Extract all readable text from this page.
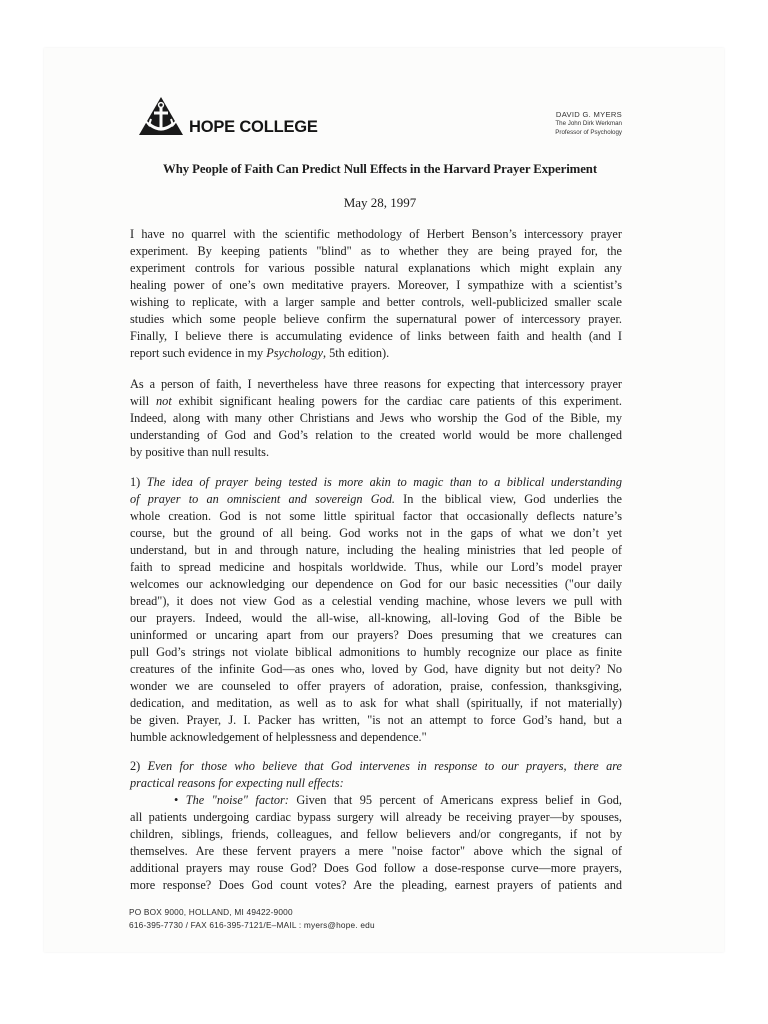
HOPE COLLEGE
DAVID G. MYERS
The John Dirk Werkman
Professor of Psychology
Why People of Faith Can Predict Null Effects in the Harvard Prayer Experiment
May 28, 1997
I have no quarrel with the scientific methodology of Herbert Benson’s intercessory prayer
experiment. By keeping patients "blind" as to whether they are being prayed for, the
experiment controls for various possible natural explanations which might explain any
healing power of one’s own meditative prayers. Moreover, I sympathize with a scientist’s
wishing to replicate, with a larger sample and better controls, well-publicized smaller scale
studies which some people believe confirm the supernatural power of intercessory prayer.
Finally, I believe there is accumulating evidence of links between faith and health (and I
report such evidence in my Psychology, 5th edition).
As a person of faith, I nevertheless have three reasons for expecting that intercessory prayer
will not exhibit significant healing powers for the cardiac care patients of this experiment.
Indeed, along with many other Christians and Jews who worship the God of the Bible, my
understanding of God and God’s relation to the created world would be more challenged
by positive than null results.
1) The idea of prayer being tested is more akin to magic than to a biblical understanding
of prayer to an omniscient and sovereign God. In the biblical view, God underlies the
whole creation. God is not some little spiritual factor that occasionally deflects nature’s
course, but the ground of all being. God works not in the gaps of what we don’t yet
understand, but in and through nature, including the healing ministries that led people of
faith to spread medicine and hospitals worldwide. Thus, while our Lord’s model prayer
welcomes our acknowledging our dependence on God for our basic necessities ("our daily
bread"), it does not view God as a celestial vending machine, whose levers we pull with
our prayers. Indeed, would the all-wise, all-knowing, all-loving God of the Bible be
uninformed or uncaring apart from our prayers? Does presuming that we creatures can
pull God’s strings not violate biblical admonitions to humbly recognize our place as finite
creatures of the infinite God—as ones who, loved by God, have dignity but not deity? No
wonder we are counseled to offer prayers of adoration, praise, confession, thanksgiving,
dedication, and meditation, as well as to ask for what shall (spiritually, if not materially)
be given. Prayer, J. I. Packer has written, "is not an attempt to force God’s hand, but a
humble acknowledgement of helplessness and dependence."
2) Even for those who believe that God intervenes in response to our prayers, there are
practical reasons for expecting null effects:
• The "noise" factor: Given that 95 percent of Americans express belief in God,
all patients undergoing cardiac bypass surgery will already be receiving prayer—by spouses,
children, siblings, friends, colleagues, and fellow believers and/or congregants, if not by
themselves. Are these fervent prayers a mere "noise factor" above which the signal of
additional prayers may rouse God? Does God follow a dose-response curve—more prayers,
more response? Does God count votes? Are the pleading, earnest prayers of patients and
PO BOX 9000, HOLLAND, MI 49422-9000
616-395-7730 / FAX 616-395-7121/E–MAIL : myers@hope. edu
